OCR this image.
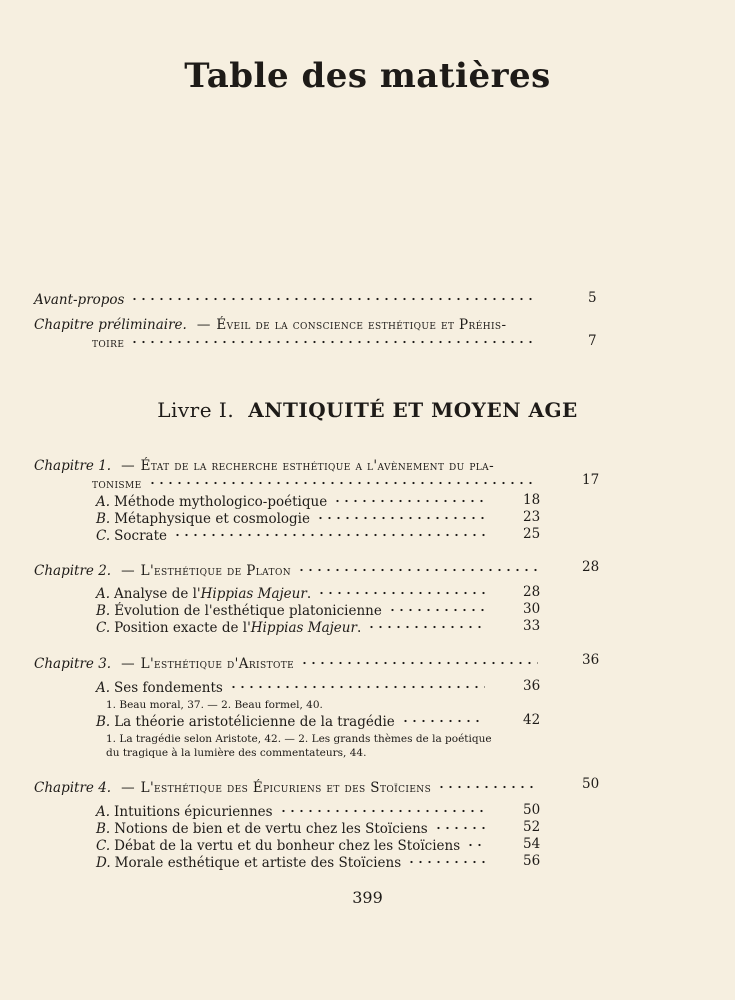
Table des matières
Avant-propos	5
Chapitre préliminaire. — Éveil de la conscience esthétique et Préhis-
toire	7
Livre I. ANTIQUITÉ ET MOYEN AGE
Chapitre 1. — État de la recherche esthétique a l'avènement du pla-
tonisme	17
A. Méthode mythologico-poétique	18
B. Métaphysique et cosmologie	23
C. Socrate	25
Chapitre 2. — L'esthétique de Platon	28
A. Analyse de l' Hippias Majeur .	28
B. Évolution de l'esthétique platonicienne	30
C. Position exacte de l' Hippias Majeur .	33
Chapitre 3. — L'esthétique d'Aristote	36
A. Ses fondements	36
1. Beau moral, 37. — 2. Beau formel, 40.
B. La théorie aristotélicienne de la tragédie	42
1. La tragédie selon Aristote, 42. — 2. Les grands thèmes de la poétique
du tragique à la lumière des commentateurs, 44.
Chapitre 4. — L'esthétique des Épicuriens et des Stoïciens	50
A. Intuitions épicuriennes	50
B. Notions de bien et de vertu chez les Stoïciens	52
C. Débat de la vertu et du bonheur chez les Stoïciens	54
D. Morale esthétique et artiste des Stoïciens	56
399
